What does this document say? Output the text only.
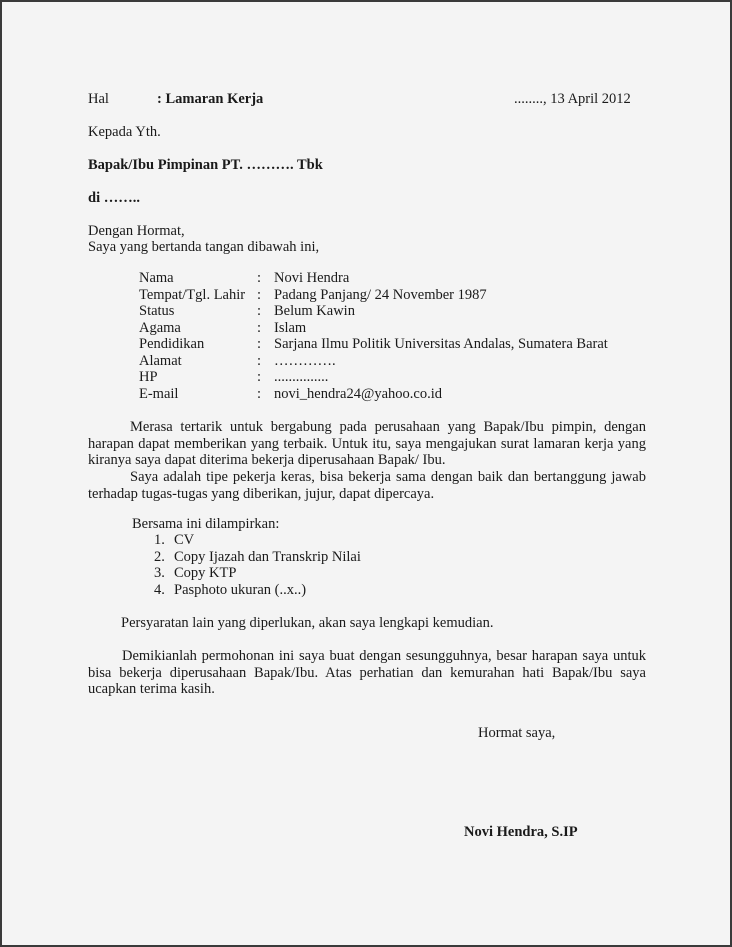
Hal	: Lamaran Kerja	........, 13 April 2012
Kepada Yth.
Bapak/Ibu Pimpinan PT. ………. Tbk
di ……..
Dengan Hormat,
Saya yang bertanda tangan dibawah ini,
Nama	: Novi Hendra
Tempat/Tgl. Lahir : Padang Panjang/ 24 November 1987
Status	: Belum Kawin
Agama	: Islam
Pendidikan	: Sarjana Ilmu Politik Universitas Andalas, Sumatera Barat
Alamat	: ………….
HP	: ...............
E-mail	: novi_hendra24@yahoo.co.id
Merasa tertarik untuk bergabung pada perusahaan yang Bapak/Ibu pimpin, dengan harapan dapat memberikan yang terbaik. Untuk itu, saya mengajukan surat lamaran kerja yang kiranya saya dapat diterima bekerja diperusahaan Bapak/ Ibu.
Saya adalah tipe pekerja keras, bisa bekerja sama dengan baik dan bertanggung jawab terhadap tugas-tugas yang diberikan, jujur, dapat dipercaya.
Bersama ini dilampirkan:
1. CV
2. Copy Ijazah dan Transkrip Nilai
3. Copy KTP
4. Pasphoto ukuran (..x..)
Persyaratan lain yang diperlukan, akan saya lengkapi kemudian.
Demikianlah permohonan ini saya buat dengan sesungguhnya, besar harapan saya untuk bisa bekerja diperusahaan Bapak/Ibu. Atas perhatian dan kemurahan hati Bapak/Ibu saya ucapkan terima kasih.
Hormat saya,
Novi Hendra, S.IP
